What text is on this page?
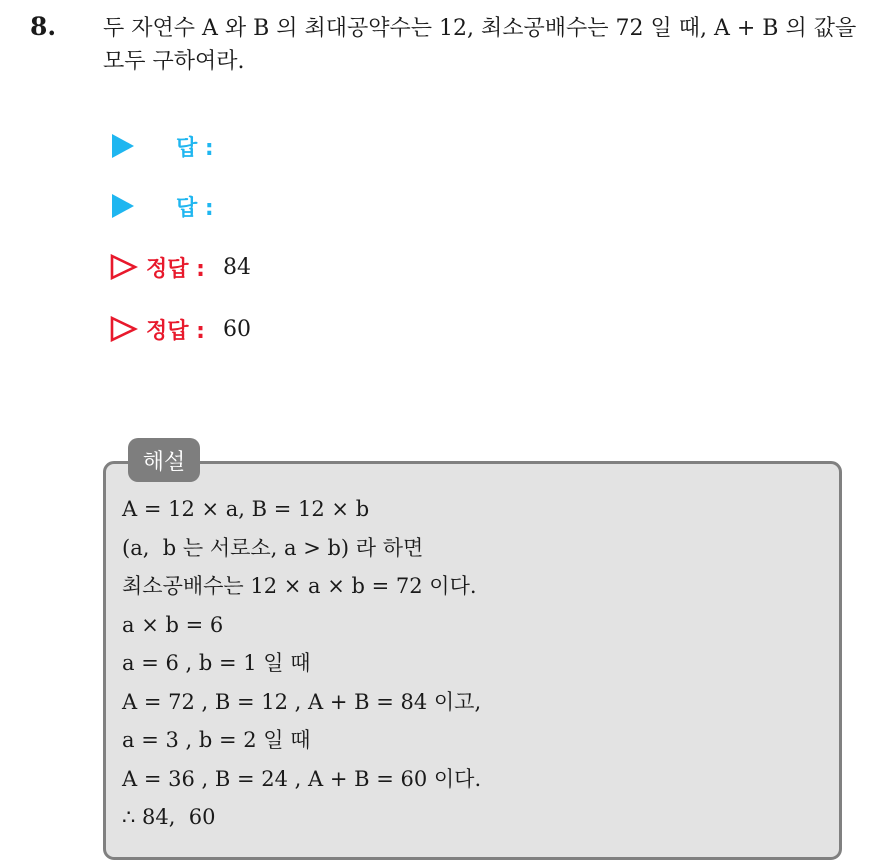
8. 두 자연수 A 와 B 의 최대공약수는 12, 최소공배수는 72 일 때, A + B 의 값을 모두 구하여라.
답 :
답 :
정답 : 84
정답 : 60
해설
A = 12 × a, B = 12 × b
(a,  b 는 서로소, a > b) 라 하면
최소공배수는 12 × a × b = 72 이다.
a × b = 6
a = 6 , b = 1 일 때
A = 72 , B = 12 , A + B = 84 이고,
a = 3 , b = 2 일 때
A = 36 , B = 24 , A + B = 60 이다.
∴ 84,  60
